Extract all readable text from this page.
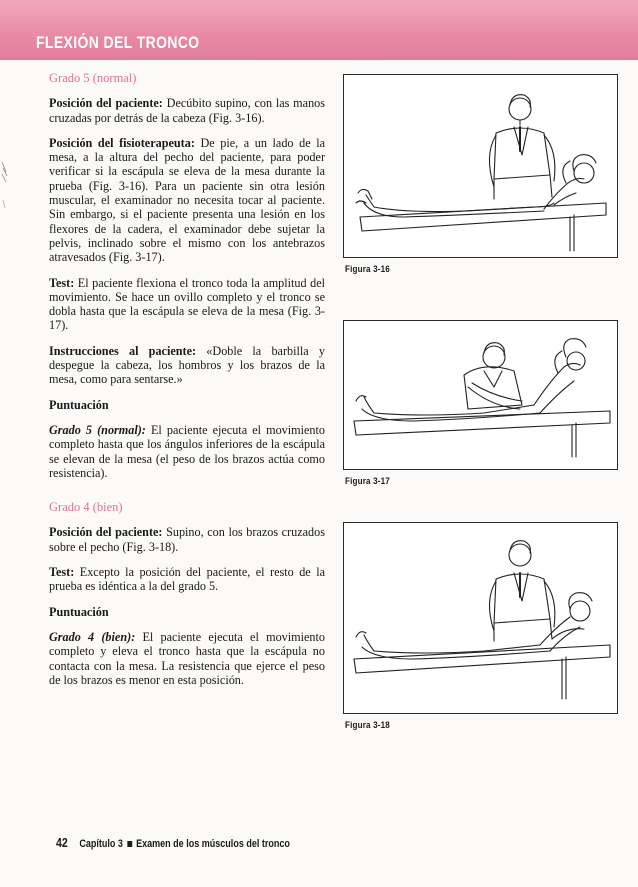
FLEXIÓN DEL TRONCO
Grado 5 (normal)

Posición del paciente: Decúbito supino, con las manos cruzadas por detrás de la cabeza (Fig. 3-16).

Posición del fisioterapeuta: De pie, a un lado de la mesa, a la altura del pecho del paciente, para poder verificar si la escápula se eleva de la mesa durante la prueba (Fig. 3-16). Para un paciente sin otra lesión muscular, el examinador no necesita tocar al paciente. Sin embargo, si el paciente presenta una lesión en los flexores de la cadera, el examinador debe sujetar la pelvis, inclinado sobre el mismo con los antebrazos atravesados (Fig. 3-17).

Test: El paciente flexiona el tronco toda la amplitud del movimiento. Se hace un ovillo completo y el tronco se dobla hasta que la escápula se eleva de la mesa (Fig. 3-17).

Instrucciones al paciente: «Doble la barbilla y despegue la cabeza, los hombros y los brazos de la mesa, como para sentarse.»

Puntuación

Grado 5 (normal): El paciente ejecuta el movimiento completo hasta que los ángulos inferiores de la escápula se elevan de la mesa (el peso de los brazos actúa como resistencia).

Grado 4 (bien)

Posición del paciente: Supino, con los brazos cruzados sobre el pecho (Fig. 3-18).

Test: Excepto la posición del paciente, el resto de la prueba es idéntica a la del grado 5.

Puntuación

Grado 4 (bien): El paciente ejecuta el movimiento completo y eleva el tronco hasta que la escápula no contacta con la mesa. La resistencia que ejerce el peso de los brazos es menor en esta posición.

Figura 3-16
Figura 3-17
Figura 3-18
42 Capítulo 3 Examen de los músculos del tronco
